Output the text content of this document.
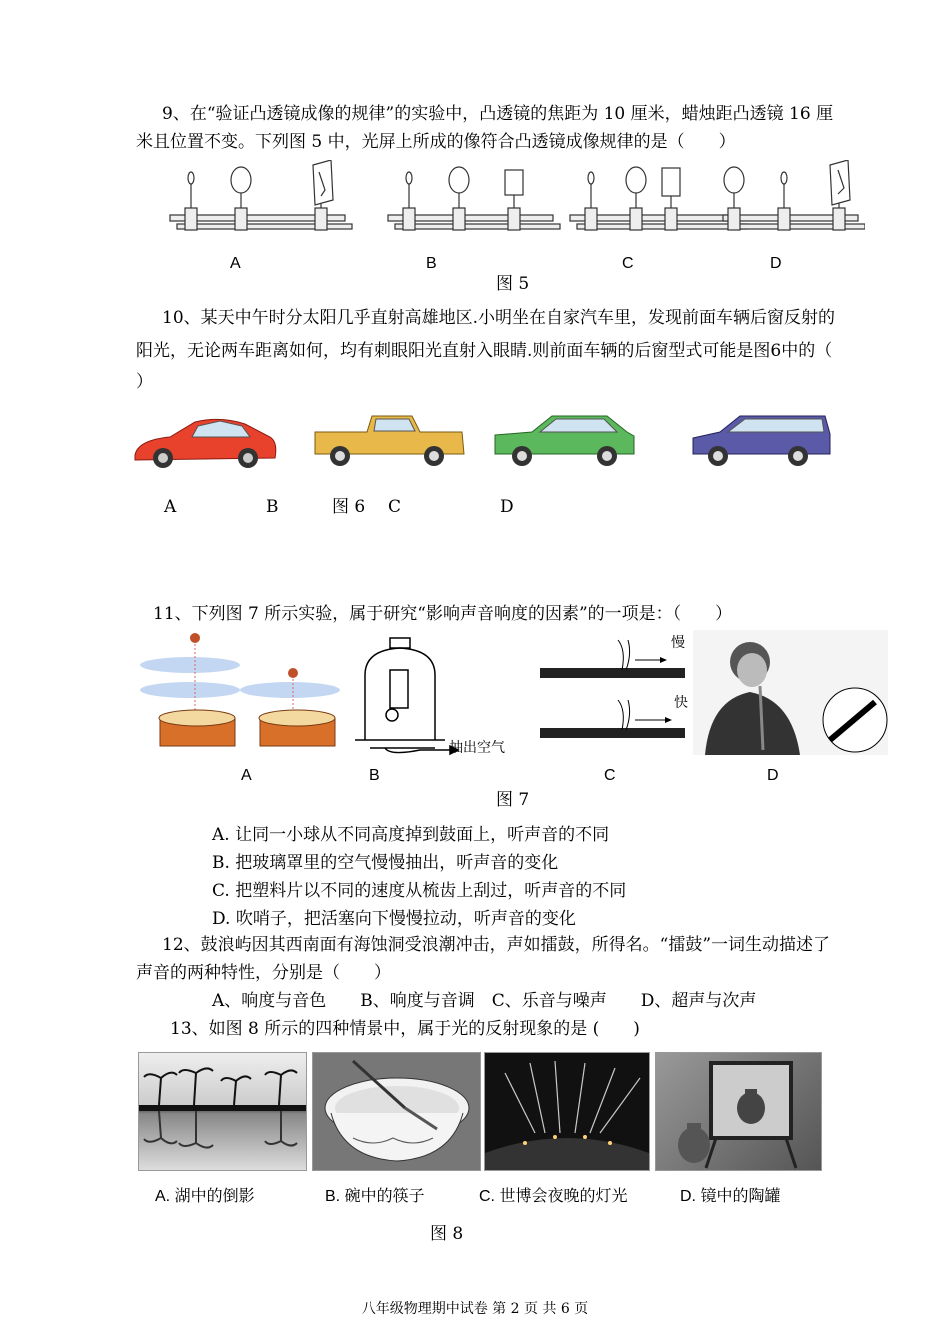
9、在“验证凸透镜成像的规律”的实验中，凸透镜的焦距为 10 厘米，蜡烛距凸透镜 16 厘
米且位置不变。下列图 5 中，光屏上所成的像符合凸透镜成像规律的是（　　）
A	B	C	D
图 5
10、某天中午时分太阳几乎直射高雄地区.小明坐在自家汽车里，发现前面车辆后窗反射的
阳光，无论两车距离如何，均有刺眼阳光直射入眼睛.则前面车辆的后窗型式可能是图6中的（
）
A	B	图 6 C	D
11、下列图 7 所示实验，属于研究“影响声音响度的因素”的一项是：（　　）
A	B
抽出空气
慢
快
C	D
图 7
A. 让同一小球从不同高度掉到鼓面上，听声音的不同
B. 把玻璃罩里的空气慢慢抽出，听声音的变化
C. 把塑料片以不同的速度从梳齿上刮过，听声音的不同
D. 吹哨子，把活塞向下慢慢拉动，听声音的变化
12、鼓浪屿因其西南面有海蚀洞受浪潮冲击，声如擂鼓，所得名。“擂鼓”一词生动描述了
声音的两种特性，分别是（　　）
A、响度与音色　　B、响度与音调　C、乐音与噪声　　D、超声与次声
13、如图 8 所示的四种情景中，属于光的反射现象的是 (　　)
A. 湖中的倒影	B. 碗中的筷子	C. 世博会夜晚的灯光	D. 镜中的陶罐
图 8
八年级物理期中试卷 第 2 页 共 6 页
